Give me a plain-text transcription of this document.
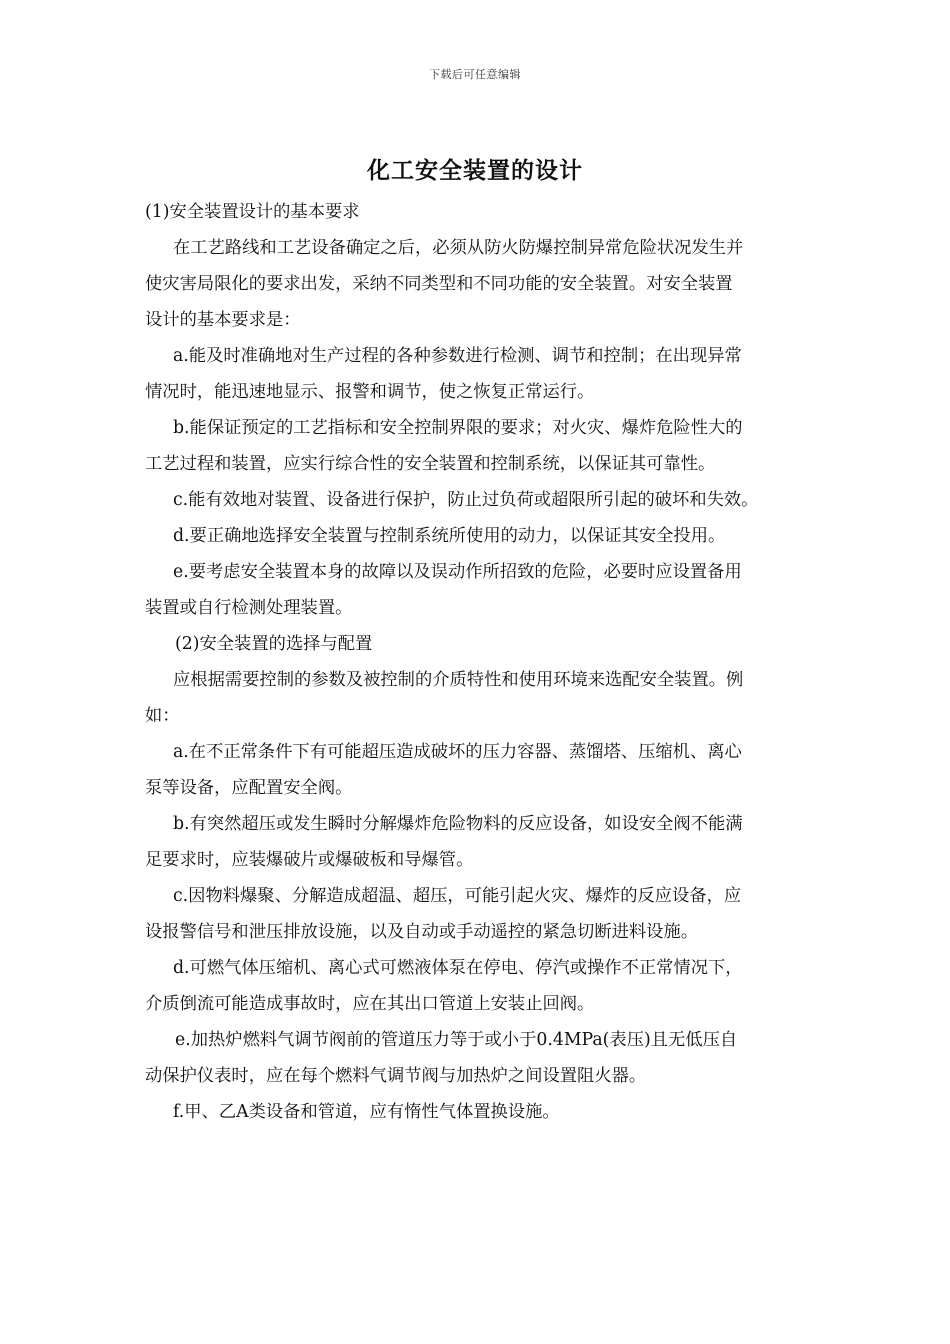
下载后可任意编辑
化工安全装置的设计
(1)安全装置设计的基本要求
在工艺路线和工艺设备确定之后，必须从防火防爆控制异常危险状况发生并
使灾害局限化的要求出发，采纳不同类型和不同功能的安全装置。对安全装置
设计的基本要求是：
a.能及时准确地对生产过程的各种参数进行检测、调节和控制；在出现异常
情况时，能迅速地显示、报警和调节，使之恢复正常运行。
b.能保证预定的工艺指标和安全控制界限的要求；对火灾、爆炸危险性大的
工艺过程和装置，应实行综合性的安全装置和控制系统，以保证其可靠性。
c.能有效地对装置、设备进行保护，防止过负荷或超限所引起的破坏和失效。
d.要正确地选择安全装置与控制系统所使用的动力，以保证其安全投用。
e.要考虑安全装置本身的故障以及误动作所招致的危险，必要时应设置备用
装置或自行检测处理装置。
(2)安全装置的选择与配置
应根据需要控制的参数及被控制的介质特性和使用环境来选配安全装置。例
如：
a.在不正常条件下有可能超压造成破坏的压力容器、蒸馏塔、压缩机、离心
泵等设备，应配置安全阀。
b.有突然超压或发生瞬时分解爆炸危险物料的反应设备，如设安全阀不能满
足要求时，应装爆破片或爆破板和导爆管。
c.因物料爆聚、分解造成超温、超压，可能引起火灾、爆炸的反应设备，应
设报警信号和泄压排放设施，以及自动或手动遥控的紧急切断进料设施。
d.可燃气体压缩机、离心式可燃液体泵在停电、停汽或操作不正常情况下，
介质倒流可能造成事故时，应在其出口管道上安装止回阀。
e.加热炉燃料气调节阀前的管道压力等于或小于0.4MPa(表压)且无低压自
动保护仪表时，应在每个燃料气调节阀与加热炉之间设置阻火器。
f.甲、乙A类设备和管道，应有惰性气体置换设施。
